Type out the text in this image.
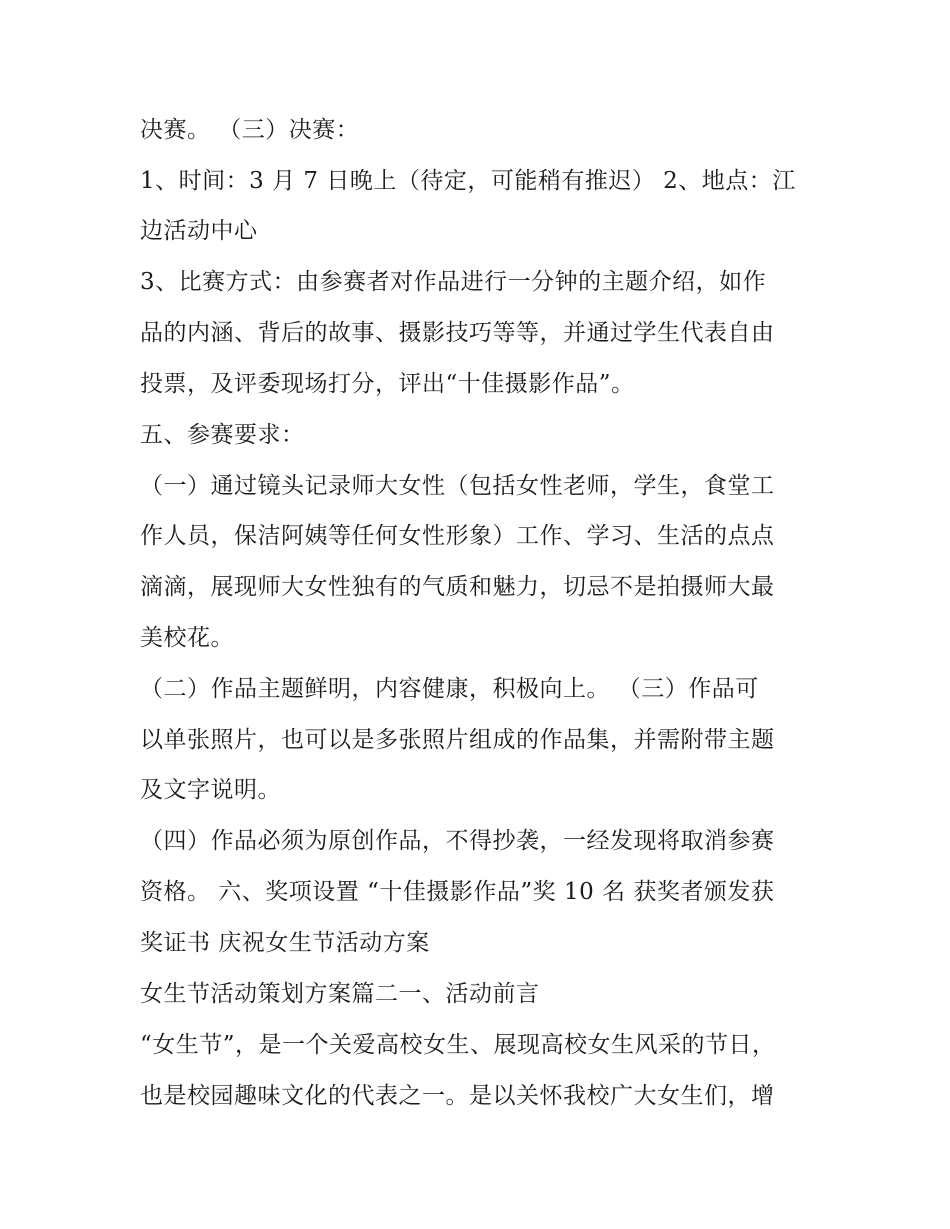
决赛。 （三）决赛：

1、时间：3 月 7 日晚上（待定，可能稍有推迟） 2、地点：江

边活动中心

3、比赛方式：由参赛者对作品进行一分钟的主题介绍，如作

品的内涵、背后的故事、摄影技巧等等，并通过学生代表自由

投票，及评委现场打分，评出“十佳摄影作品”。

五、参赛要求：

（一）通过镜头记录师大女性（包括女性老师，学生，食堂工

作人员，保洁阿姨等任何女性形象）工作、学习、生活的点点

滴滴，展现师大女性独有的气质和魅力，切忌不是拍摄师大最

美校花。

（二）作品主题鲜明，内容健康，积极向上。 （三）作品可

以单张照片，也可以是多张照片组成的作品集，并需附带主题

及文字说明。

（四）作品必须为原创作品，不得抄袭，一经发现将取消参赛

资格。 六、奖项设置 “十佳摄影作品”奖 10 名 获奖者颁发获

奖证书 庆祝女生节活动方案

女生节活动策划方案篇二一、活动前言

“女生节”，是一个关爱高校女生、展现高校女生风采的节日，

也是校园趣味文化的代表之一。是以关怀我校广大女生们，增
